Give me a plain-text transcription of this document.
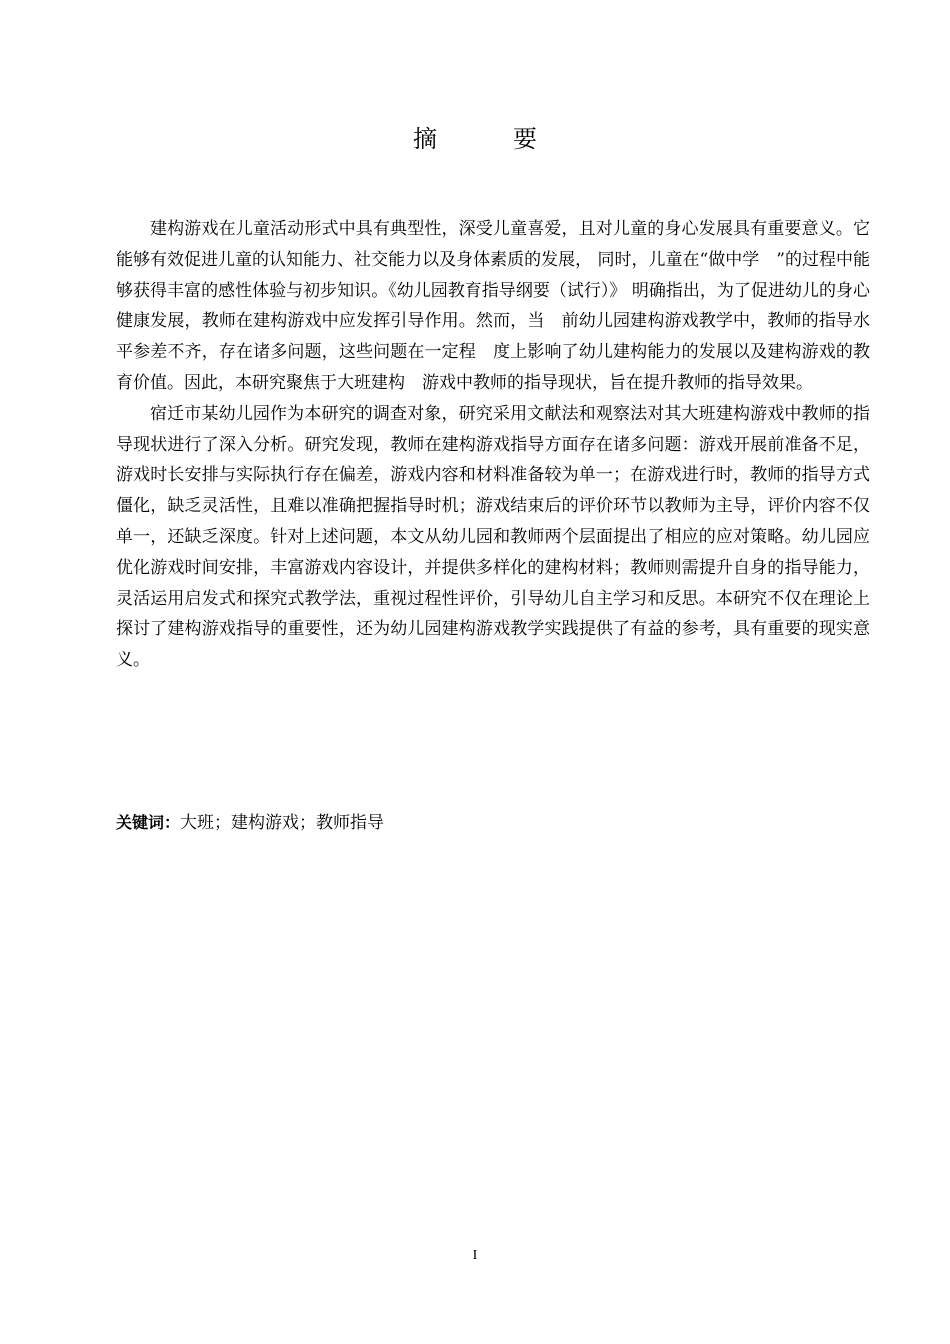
摘　要

建构游戏在儿童活动形式中具有典型性，深受儿童喜爱，且对儿童的身心发展具有重要意义。它能够有效促进儿童的认知能力、社交能力以及身体素质的发展， 同时，儿童在“做中学　”的过程中能够获得丰富的感性体验与初步知识。《幼儿园教育指导纲要（试行）》 明确指出，为了促进幼儿的身心健康发展，教师在建构游戏中应发挥引导作用。然而，当　前幼儿园建构游戏教学中，教师的指导水平参差不齐，存在诸多问题，这些问题在一定程　度上影响了幼儿建构能力的发展以及建构游戏的教育价值。因此，本研究聚焦于大班建构　游戏中教师的指导现状，旨在提升教师的指导效果。

宿迁市某幼儿园作为本研究的调查对象，研究采用文献法和观察法对其大班建构游戏中教师的指导现状进行了深入分析。研究发现，教师在建构游戏指导方面存在诸多问题：游戏开展前准备不足，游戏时长安排与实际执行存在偏差，游戏内容和材料准备较为单一；在游戏进行时，教师的指导方式僵化，缺乏灵活性，且难以准确把握指导时机；游戏结束后的评价环节以教师为主导，评价内容不仅单一，还缺乏深度。针对上述问题，本文从幼儿园和教师两个层面提出了相应的应对策略。幼儿园应优化游戏时间安排，丰富游戏内容设计，并提供多样化的建构材料；教师则需提升自身的指导能力，灵活运用启发式和探究式教学法，重视过程性评价，引导幼儿自主学习和反思。本研究不仅在理论上探讨了建构游戏指导的重要性，还为幼儿园建构游戏教学实践提供了有益的参考，具有重要的现实意义。

关键词：大班；建构游戏；教师指导
I
